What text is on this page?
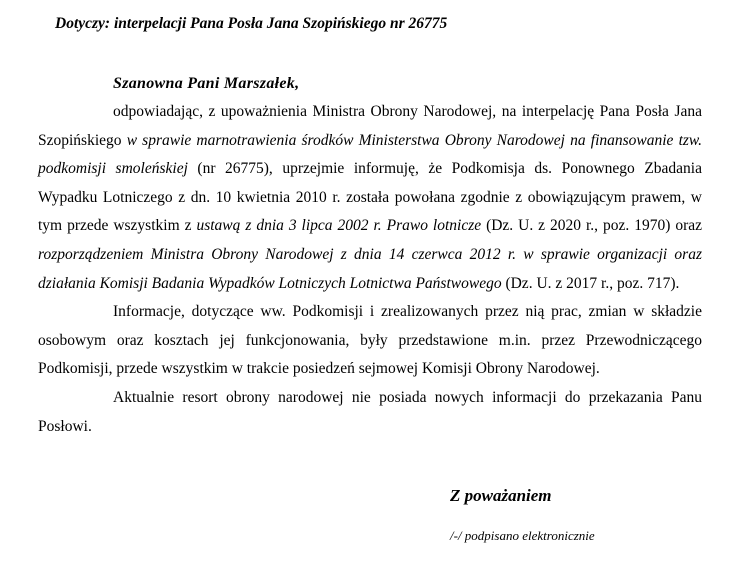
Dotyczy: interpelacji Pana Posła Jana Szopińskiego nr 26775
Szanowna Pani Marszałek,

odpowiadając, z upoważnienia Ministra Obrony Narodowej, na interpelację Pana Posła Jana Szopińskiego w sprawie marnotrawienia środków Ministerstwa Obrony Narodowej na finansowanie tzw. podkomisji smoleńskiej (nr 26775), uprzejmie informuję, że Podkomisja ds. Ponownego Zbadania Wypadku Lotniczego z dn. 10 kwietnia 2010 r. została powołana zgodnie z obowiązującym prawem, w tym przede wszystkim z ustawą z dnia 3 lipca 2002 r. Prawo lotnicze (Dz. U. z 2020 r., poz. 1970) oraz rozporządzeniem Ministra Obrony Narodowej z dnia 14 czerwca 2012 r. w sprawie organizacji oraz działania Komisji Badania Wypadków Lotniczych Lotnictwa Państwowego (Dz. U. z 2017 r., poz. 717).

Informacje, dotyczące ww. Podkomisji i zrealizowanych przez nią prac, zmian w składzie osobowym oraz kosztach jej funkcjonowania, były przedstawione m.in. przez Przewodniczącego Podkomisji, przede wszystkim w trakcie posiedzeń sejmowej Komisji Obrony Narodowej.

Aktualnie resort obrony narodowej nie posiada nowych informacji do przekazania Panu Posłowi.

Z poważaniem
/-/ podpisano elektronicznie
